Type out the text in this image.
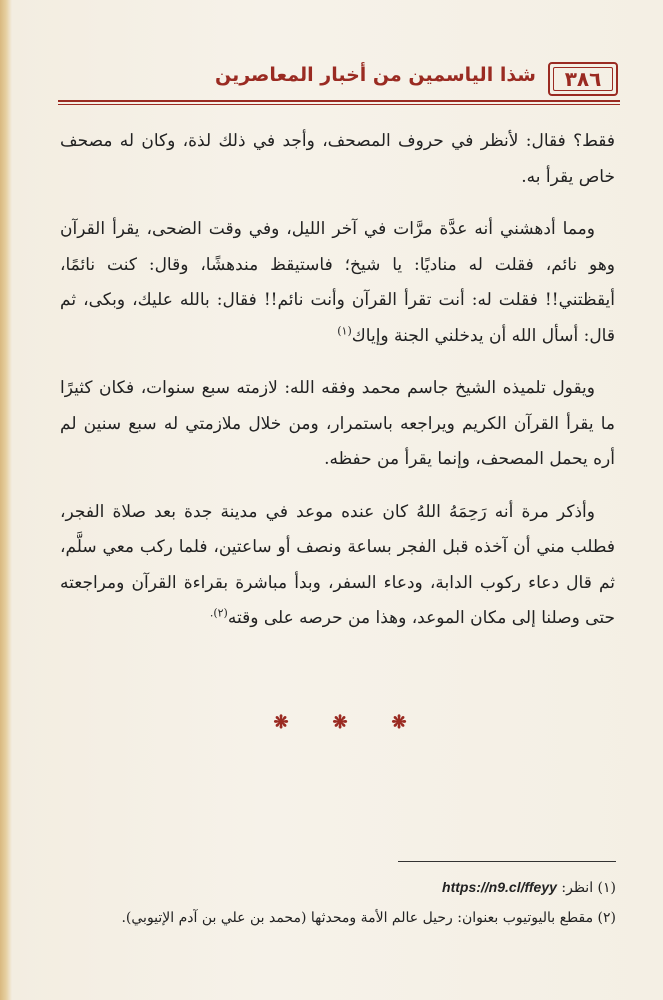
٣٨٦
شذا الياسمين من أخبار المعاصرين

فقط؟ فقال: لأنظر في حروف المصحف، وأجد في ذلك لذة، وكان له مصحف خاص يقرأ به.

ومما أدهشني أنه عدَّة مرَّات في آخر الليل، وفي وقت الضحى، يقرأ القرآن وهو نائم، فقلت له مناديًا: يا شيخ؛ فاستيقظ مندهشًا، وقال: كنت نائمًا، أيقظتني!! فقلت له: أنت تقرأ القرآن وأنت نائم!! فقال: بالله عليك، وبكى، ثم قال: أسأل الله أن يدخلني الجنة وإياك$^{(١)}$

ويقول تلميذه الشيخ جاسم محمد وفقه الله: لازمته سبع سنوات، فكان كثيرًا ما يقرأ القرآن الكريم ويراجعه باستمرار، ومن خلال ملازمتي له سبع سنين لم أره يحمل المصحف، وإنما يقرأ من حفظه.

وأذكر مرة أنه رَحِمَهُ اللهُ كان عنده موعد في مدينة جدة بعد صلاة الفجر، فطلب مني أن آخذه قبل الفجر بساعة ونصف أو ساعتين، فلما ركب معي سلَّم، ثم قال دعاء ركوب الدابة، ودعاء السفر، وبدأ مباشرة بقراءة القرآن ومراجعته حتى وصلنا إلى مكان الموعد، وهذا من حرصه على وقته$^{(٢).}$

❋
❋
❋
(١) انظر: https://n9.cl/ffeyy
(٢) مقطع باليوتيوب بعنوان: رحيل عالم الأمة ومحدثها (محمد بن علي بن آدم الإتيوبي).
